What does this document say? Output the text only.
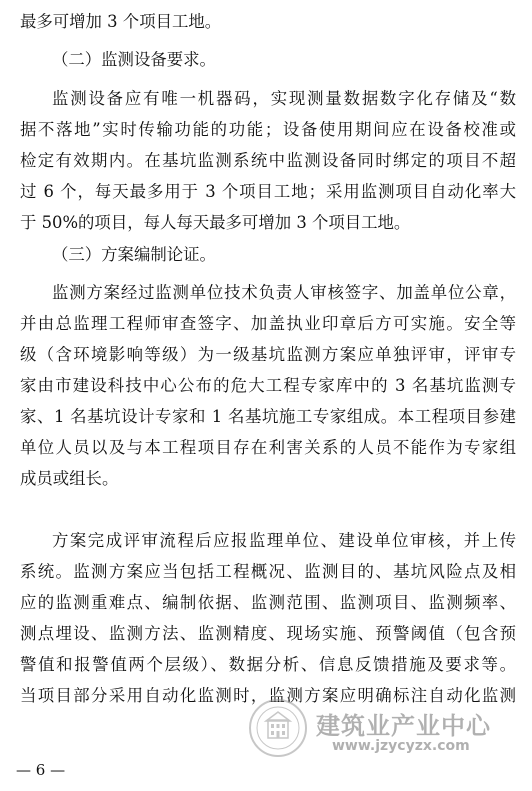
最多可增加 3 个项目工地。
（二）监测设备要求。
监测设备应有唯一机器码，实现测量数据数字化存储及“数
据不落地”实时传输功能的功能；设备使用期间应在设备校准或
检定有效期内。在基坑监测系统中监测设备同时绑定的项目不超
过 6 个，每天最多用于 3 个项目工地；采用监测项目自动化率大
于 50%的项目，每人每天最多可增加 3 个项目工地。
（三）方案编制论证。
监测方案经过监测单位技术负责人审核签字、加盖单位公章，
并由总监理工程师审查签字、加盖执业印章后方可实施。安全等
级（含环境影响等级）为一级基坑监测方案应单独评审，评审专
家由市建设科技中心公布的危大工程专家库中的 3 名基坑监测专
家、1 名基坑设计专家和 1 名基坑施工专家组成。本工程项目参建
单位人员以及与本工程项目存在利害关系的人员不能作为专家组
成员或组长。
方案完成评审流程后应报监理单位、建设单位审核，并上传
系统。监测方案应当包括工程概况、监测目的、基坑风险点及相
应的监测重难点、编制依据、监测范围、监测项目、监测频率、
测点埋设、监测方法、监测精度、现场实施、预警阈值（包含预
警值和报警值两个层级）、数据分析、信息反馈措施及要求等。
当项目部分采用自动化监测时，监测方案应明确标注自动化监测
建筑业产业中心
www.jzycyzx.com
— 6 —
